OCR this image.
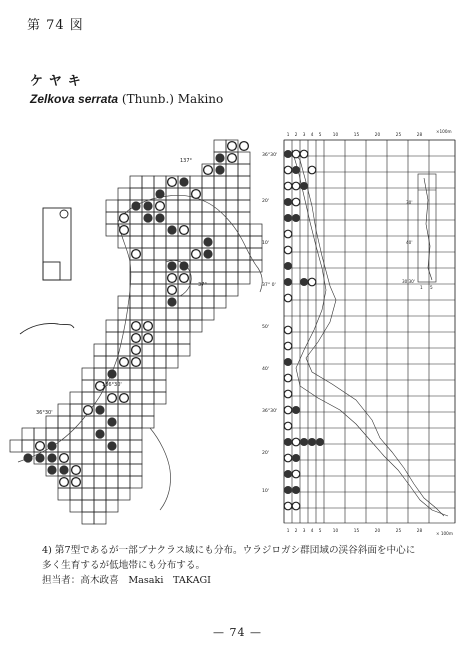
第 74 図
ケヤキ
Zelkova serrata (Thunb.) Makino
137°
37°
136°30'
36°30'
1 2 3 4 5	10	15	20	25	28
1 2 3 4 5	10	15	20	25	28
36°30'
20'
10'
37° 0'
50'
40'
36°30'
20'
10'
×100m
× 100m
30'
40'
30'30'
1 5
4) 第7型であるが一部ブナクラス域にも分布。ウラジロガシ群団域の渓谷斜面を中心に
多く生育するが低地帯にも分布する。
担当者：高木政喜　Masaki　TAKAGI
— 74 —
